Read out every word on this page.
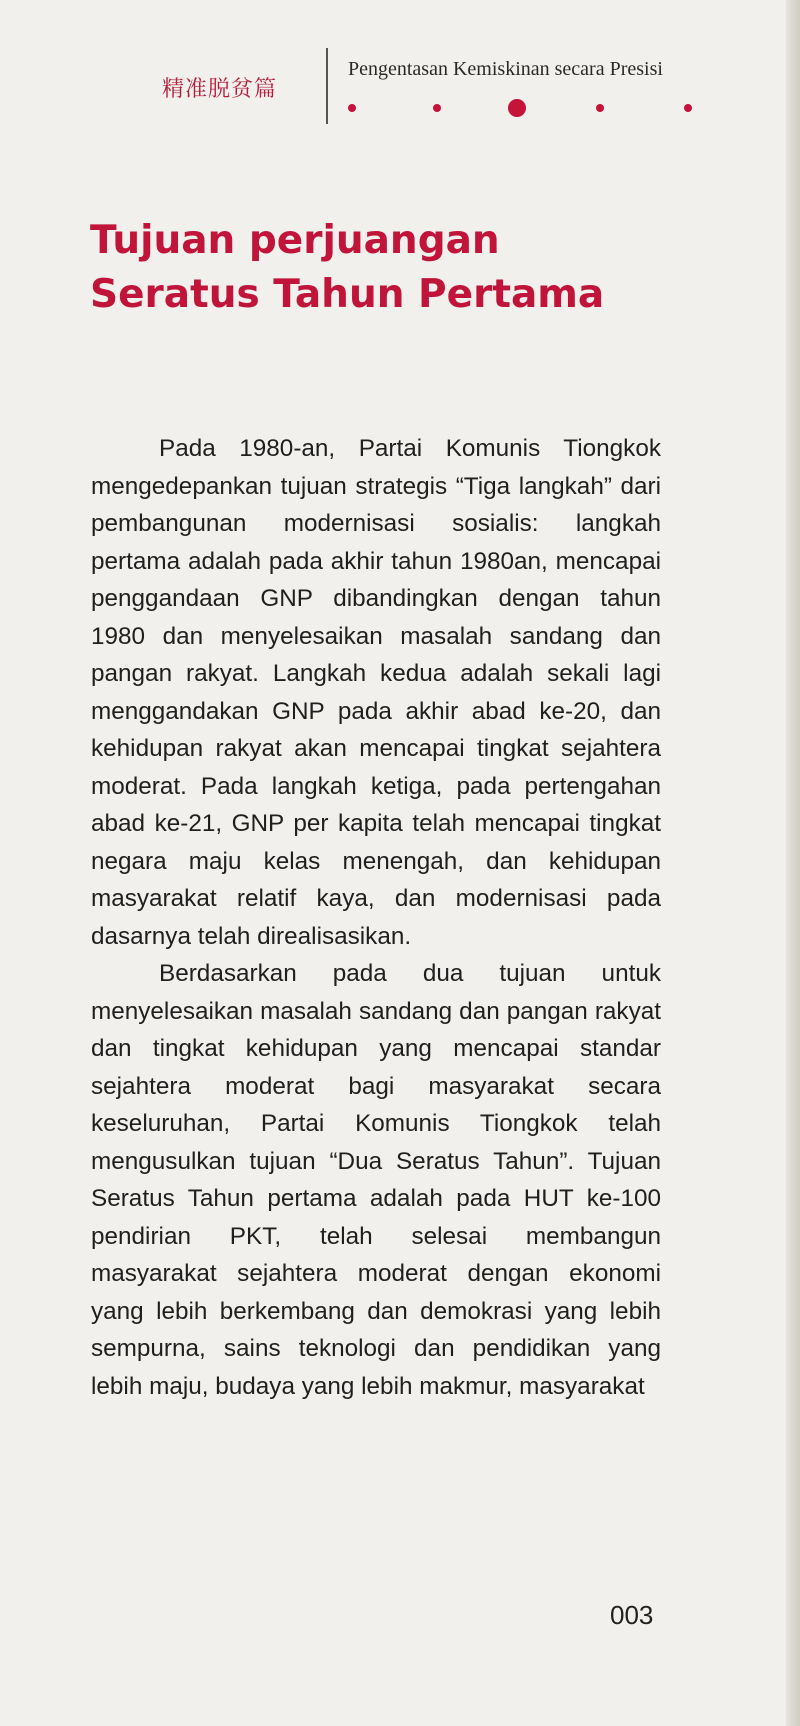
精准脱贫篇
Pengentasan Kemiskinan secara Presisi
Tujuan perjuangan
Seratus Tahun Pertama

Pada 1980-an, Partai Komunis Tiongkok mengedepankan tujuan strategis “Tiga langkah” dari pembangunan modernisasi sosialis: langkah pertama adalah pada akhir tahun 1980an, mencapai penggandaan GNP dibandingkan dengan tahun 1980 dan menyelesaikan masalah sandang dan pangan rakyat. Langkah kedua adalah sekali lagi menggandakan GNP pada akhir abad ke-20, dan kehidupan rakyat akan mencapai tingkat sejahtera moderat. Pada langkah ketiga, pada pertengahan abad ke-21, GNP per kapita telah mencapai tingkat negara maju kelas menengah, dan kehidupan masyarakat relatif kaya, dan modernisasi pada dasarnya telah direalisasikan.

Berdasarkan pada dua tujuan untuk menyelesaikan masalah sandang dan pangan rakyat dan tingkat kehidupan yang mencapai standar sejahtera moderat bagi masyarakat secara keseluruhan, Partai Komunis Tiongkok telah mengusulkan tujuan “Dua Seratus Tahun”. Tujuan Seratus Tahun pertama adalah pada HUT ke-100 pendirian PKT, telah selesai membangun masyarakat sejahtera moderat dengan ekonomi yang lebih berkembang dan demokrasi yang lebih sempurna, sains teknologi dan pendidikan yang lebih maju, budaya yang lebih makmur, masyarakat

003
